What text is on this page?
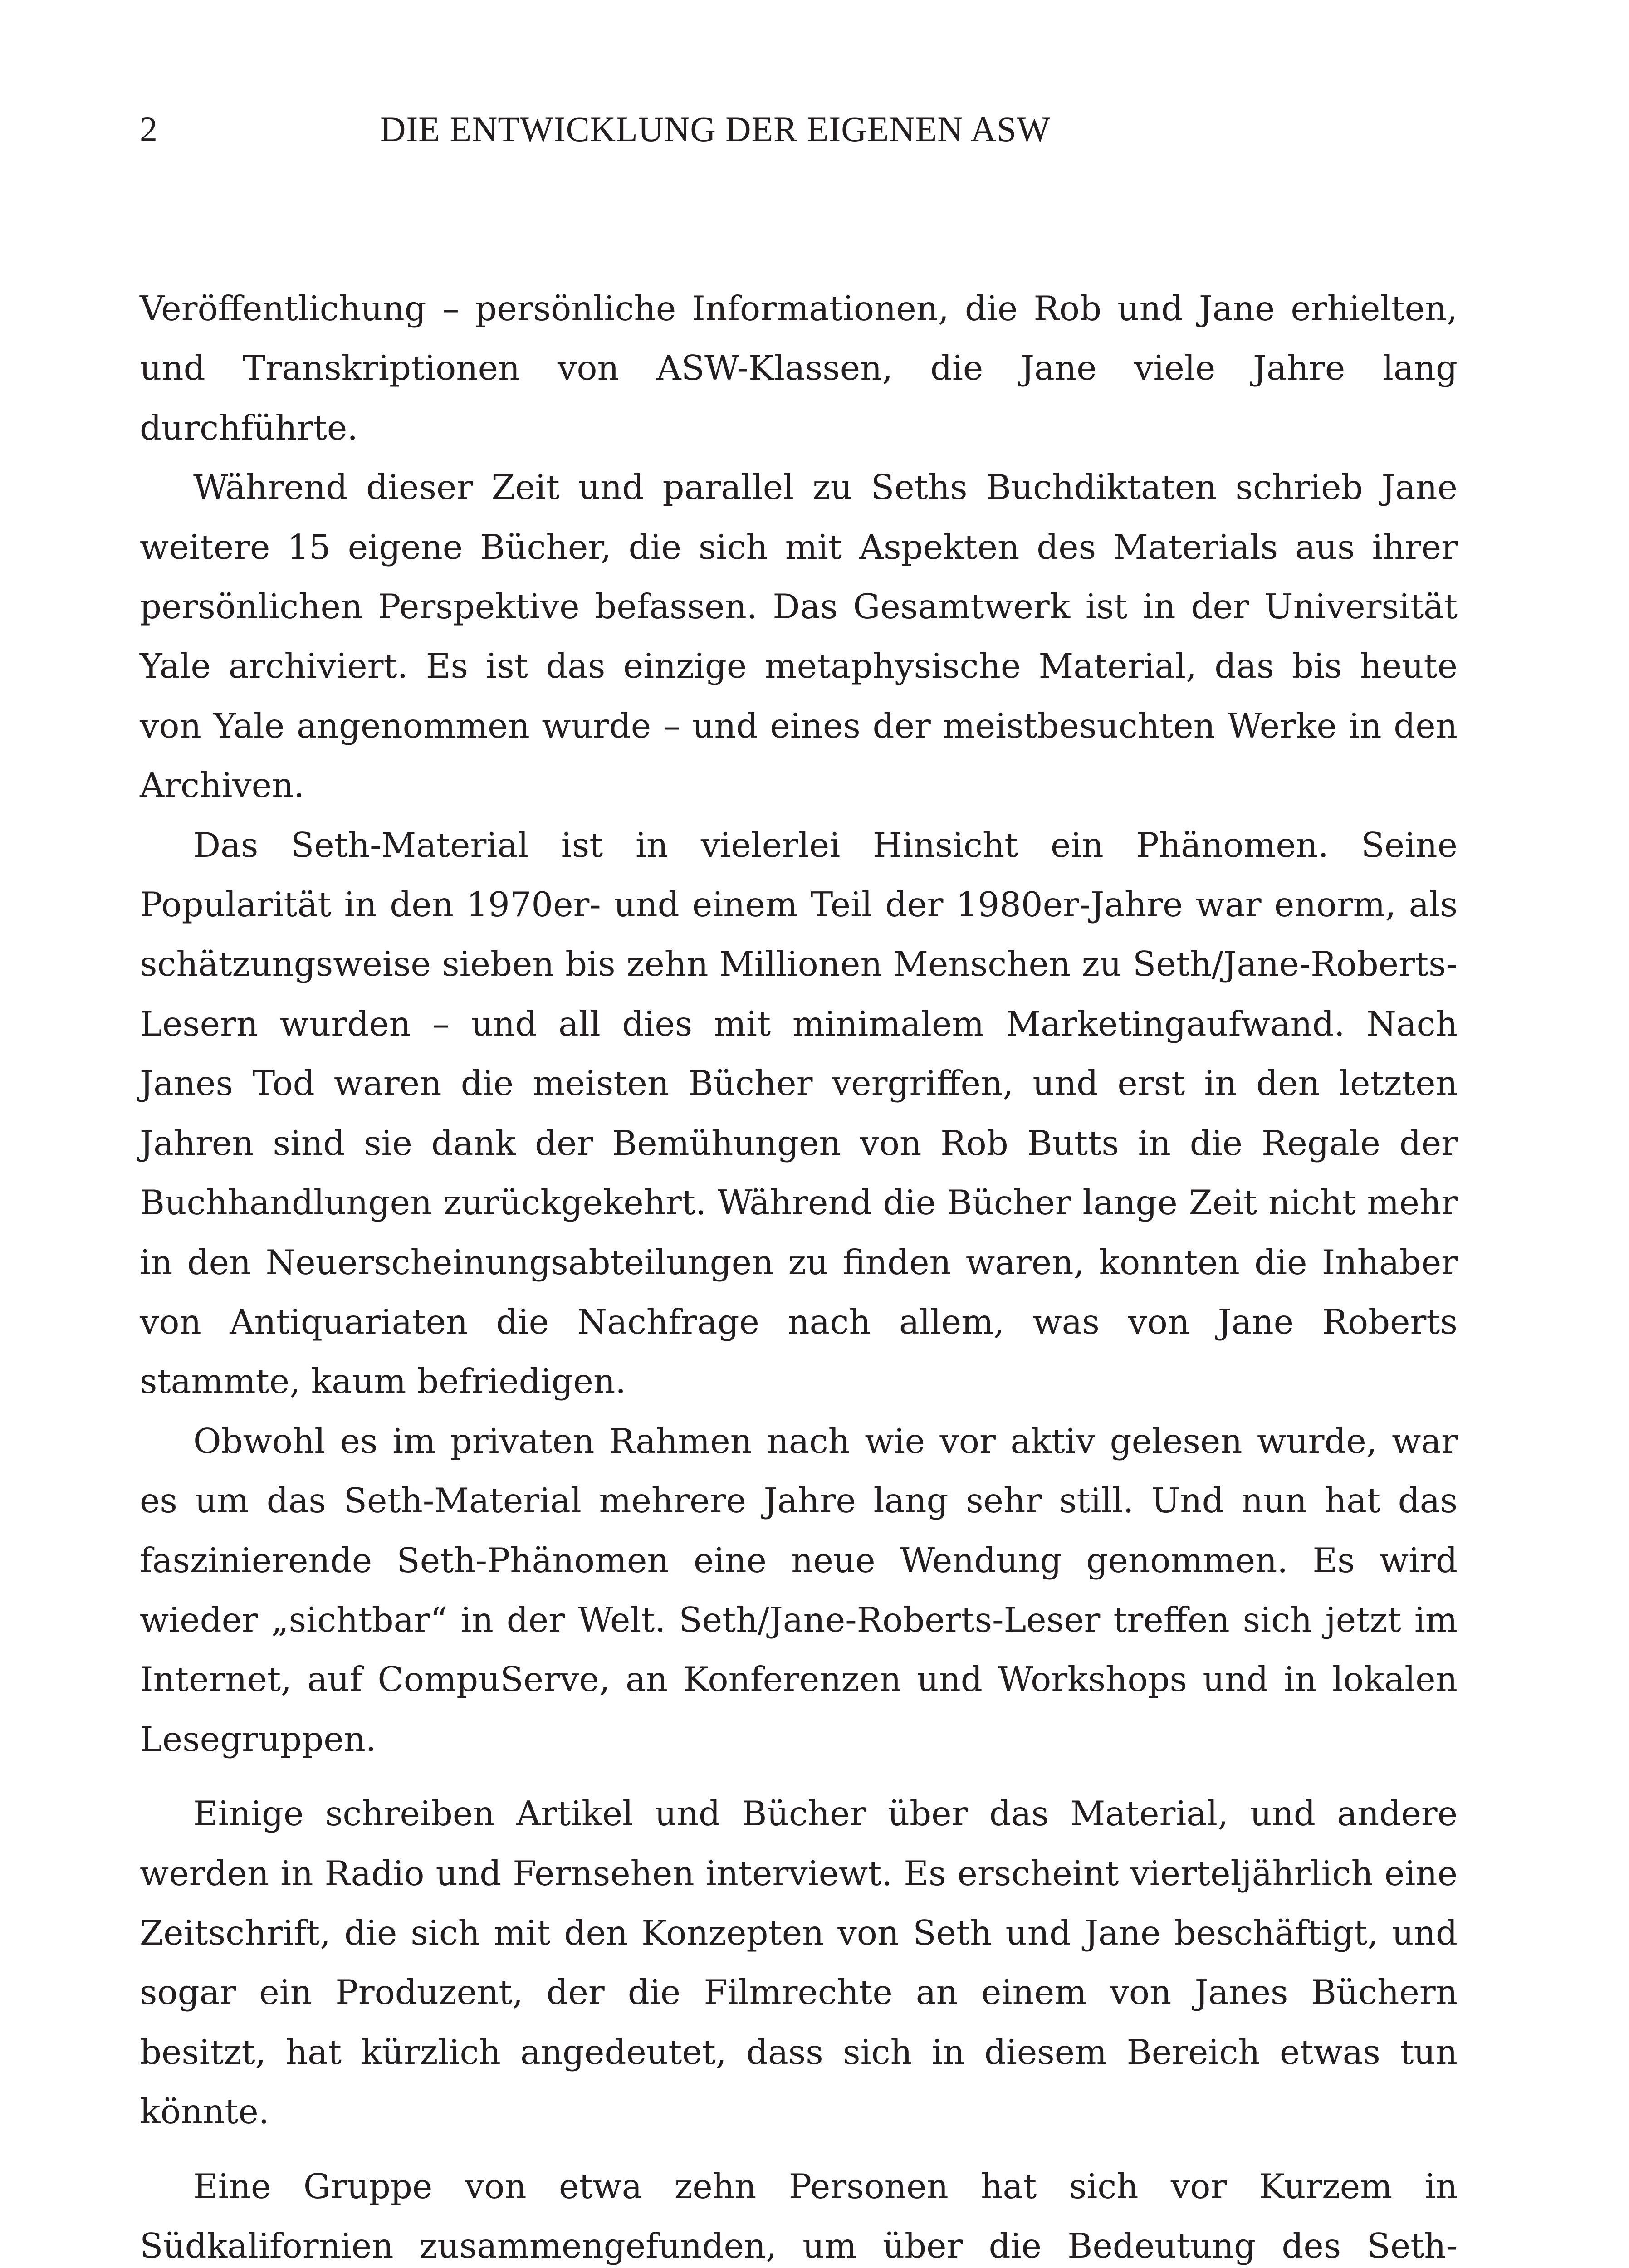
2	DIE ENTWICKLUNG DER EIGENEN ASW

Veröffentlichung – persönliche Informationen, die Rob und Jane erhielten, und Transkriptionen von ASW-Klassen, die Jane viele Jahre lang durchführte.

Während dieser Zeit und parallel zu Seths Buchdiktaten schrieb Jane weitere 15 eigene Bücher, die sich mit Aspekten des Materials aus ihrer persönlichen Perspektive befassen. Das Gesamtwerk ist in der Universität Yale archiviert. Es ist das einzige metaphysische Material, das bis heute von Yale angenommen wurde – und eines der meistbesuchten Werke in den Archiven.

Das Seth-Material ist in vielerlei Hinsicht ein Phänomen. Seine Popularität in den 1970er- und einem Teil der 1980er-Jahre war enorm, als schätzungsweise sieben bis zehn Millionen Menschen zu Seth/Jane-Roberts-Lesern wurden – und all dies mit minimalem Marketingaufwand. Nach Janes Tod waren die meisten Bücher vergriffen, und erst in den letzten Jahren sind sie dank der Bemühungen von Rob Butts in die Regale der Buchhandlungen zurückgekehrt. Während die Bücher lange Zeit nicht mehr in den Neuerscheinungsabteilungen zu finden waren, konnten die Inhaber von Antiquariaten die Nachfrage nach allem, was von Jane Roberts stammte, kaum befriedigen.

Obwohl es im privaten Rahmen nach wie vor aktiv gelesen wurde, war es um das Seth-Material mehrere Jahre lang sehr still. Und nun hat das faszinierende Seth-Phänomen eine neue Wendung genommen. Es wird wieder „sichtbar“ in der Welt. Seth/Jane-Roberts-Leser treffen sich jetzt im Internet, auf CompuServe, an Konferenzen und Workshops und in lokalen Lesegruppen.

Einige schreiben Artikel und Bücher über das Material, und andere werden in Radio und Fernsehen interviewt. Es erscheint vierteljährlich eine Zeitschrift, die sich mit den Konzepten von Seth und Jane beschäftigt, und sogar ein Produzent, der die Filmrechte an einem von Janes Büchern besitzt, hat kürzlich angedeutet, dass sich in diesem Bereich etwas tun könnte.

Eine Gruppe von etwa zehn Personen hat sich vor Kurzem in Südkalifornien zusammengefunden, um über die Bedeutung des Seth-
